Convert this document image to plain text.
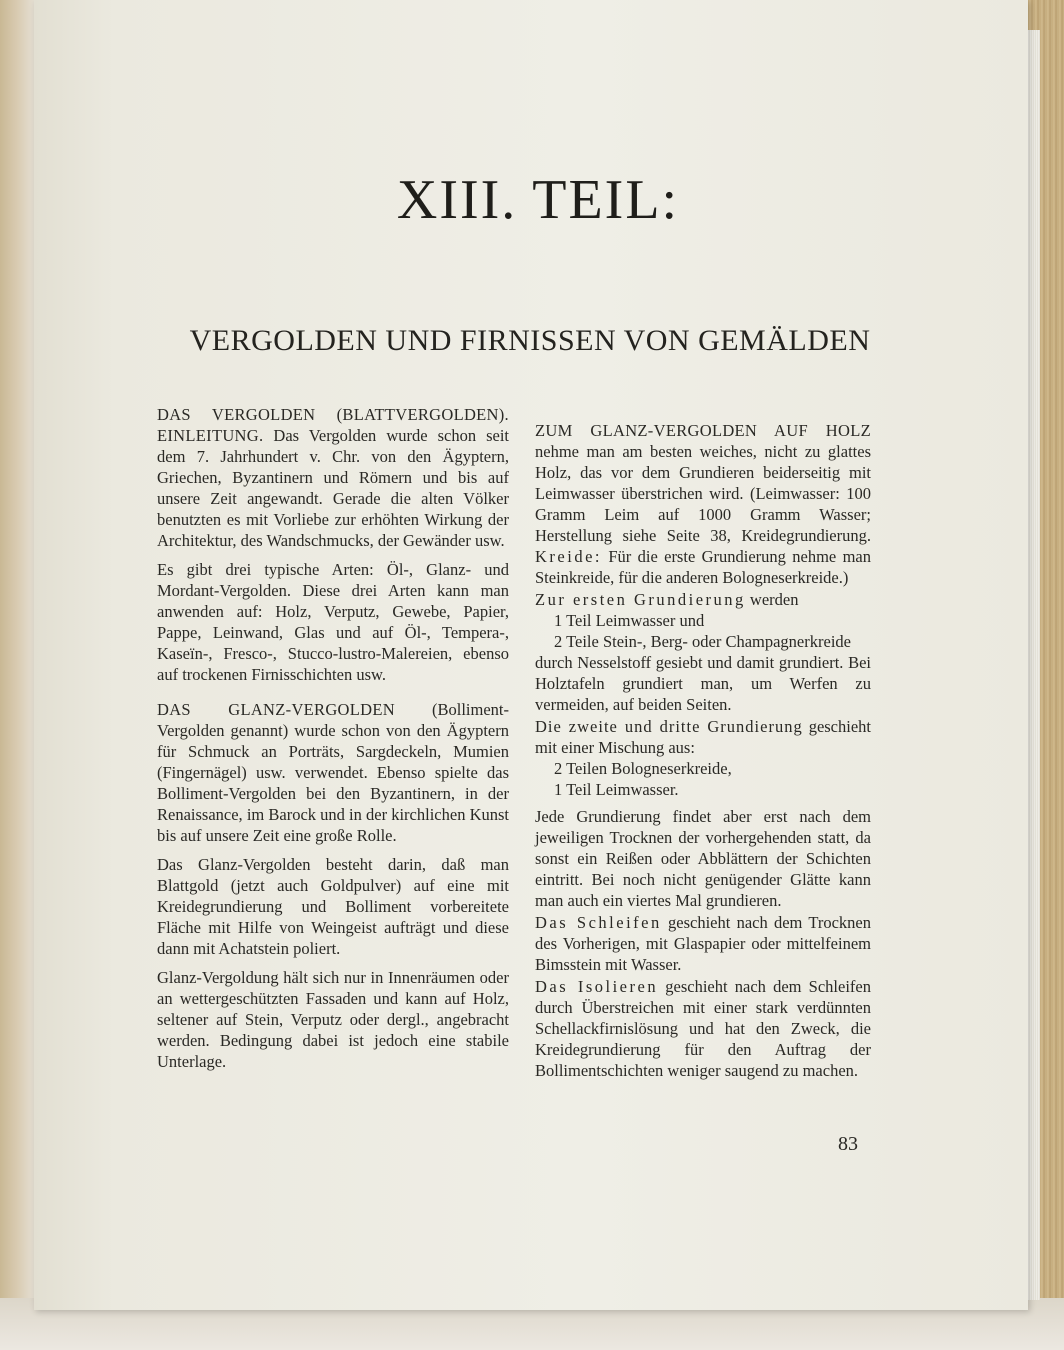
XIII. TEIL:
VERGOLDEN UND FIRNISSEN VON GEMÄLDEN

DAS VERGOLDEN (BLATTVERGOLDEN). EINLEITUNG. Das Vergolden wurde schon seit dem 7. Jahrhundert v. Chr. von den Ägyptern, Griechen, Byzantinern und Römern und bis auf unsere Zeit angewandt. Gerade die alten Völker benutzten es mit Vorliebe zur erhöhten Wirkung der Architektur, des Wandschmucks, der Gewänder usw.

Es gibt drei typische Arten: Öl-, Glanz- und Mordant-Vergolden. Diese drei Arten kann man anwenden auf: Holz, Verputz, Gewebe, Papier, Pappe, Leinwand, Glas und auf Öl-, Tempera-, Kaseïn-, Fresco-, Stucco-lustro-Malereien, ebenso auf trockenen Firnisschichten usw.

DAS GLANZ-VERGOLDEN (Bolliment-Vergolden genannt) wurde schon von den Ägyptern für Schmuck an Porträts, Sargdeckeln, Mumien (Fingernägel) usw. verwendet. Ebenso spielte das Bolliment-Vergolden bei den Byzantinern, in der Renaissance, im Barock und in der kirchlichen Kunst bis auf unsere Zeit eine große Rolle.

Das Glanz-Vergolden besteht darin, daß man Blattgold (jetzt auch Goldpulver) auf eine mit Kreidegrundierung und Bolliment vorbereitete Fläche mit Hilfe von Weingeist aufträgt und diese dann mit Achatstein poliert.

Glanz-Vergoldung hält sich nur in Innenräumen oder an wettergeschützten Fassaden und kann auf Holz, seltener auf Stein, Verputz oder dergl., angebracht werden. Bedingung dabei ist jedoch eine stabile Unterlage.

ZUM GLANZ-VERGOLDEN AUF HOLZ nehme man am besten weiches, nicht zu glattes Holz, das vor dem Grundieren beiderseitig mit Leimwasser überstrichen wird. (Leimwasser: 100 Gramm Leim auf 1000 Gramm Wasser; Herstellung siehe Seite 38, Kreidegrundierung. Kreide: Für die erste Grundierung nehme man Steinkreide, für die anderen Bologneserkreide.)

Zur ersten Grundierung werden
1 Teil Leimwasser und
2 Teile Stein-, Berg- oder Champagnerkreide
durch Nesselstoff gesiebt und damit grundiert. Bei Holztafeln grundiert man, um Werfen zu vermeiden, auf beiden Seiten.

Die zweite und dritte Grundierung geschieht mit einer Mischung aus:
2 Teilen Bologneserkreide,
1 Teil Leimwasser.

Jede Grundierung findet aber erst nach dem jeweiligen Trocknen der vorhergehenden statt, da sonst ein Reißen oder Abblättern der Schichten eintritt. Bei noch nicht genügender Glätte kann man auch ein viertes Mal grundieren.

Das Schleifen geschieht nach dem Trocknen des Vorherigen, mit Glaspapier oder mittelfeinem Bimsstein mit Wasser.

Das Isolieren geschieht nach dem Schleifen durch Überstreichen mit einer stark verdünnten Schellackfirnislösung und hat den Zweck, die Kreidegrundierung für den Auftrag der Bollimentschichten weniger saugend zu machen.

83
